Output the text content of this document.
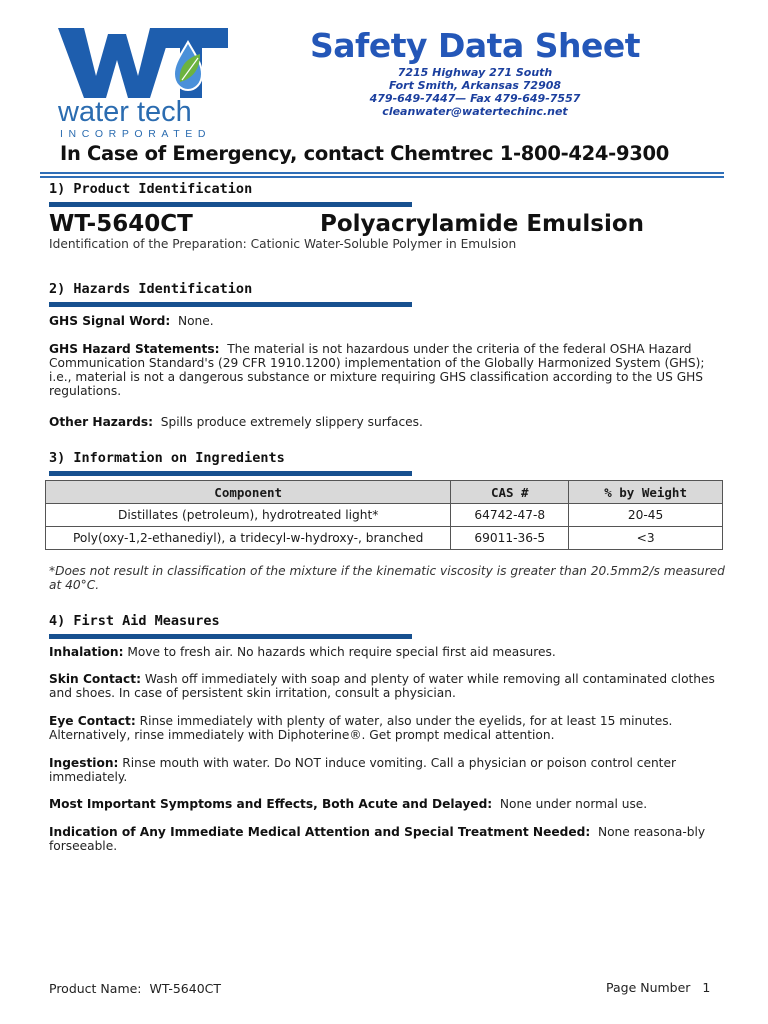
water tech
INCORPORATED
Safety Data Sheet
7215 Highway 271 South
Fort Smith, Arkansas 72908
479-649-7447— Fax 479-649-7557
cleanwater@watertechinc.net
In Case of Emergency, contact Chemtrec 1-800-424-9300
1) Product Identification
WT-5640CT	Polyacrylamide Emulsion
Identification of the Preparation: Cationic Water-Soluble Polymer in Emulsion
2) Hazards Identification
GHS Signal Word: None.
GHS Hazard Statements: The material is not hazardous under the criteria of the federal OSHA Hazard Communication Standard's (29 CFR 1910.1200) implementation of the Globally Harmonized System (GHS); i.e., material is not a dangerous substance or mixture requiring GHS classification according to the US GHS regulations.
Other Hazards: Spills produce extremely slippery surfaces.
3) Information on Ingredients
Component	CAS #	% by Weight
Distillates (petroleum), hydrotreated light*	64742-47-8	20-45
Poly(oxy-1,2-ethanediyl), a tridecyl-w-hydroxy-, branched	69011-36-5	<3
*Does not result in classification of the mixture if the kinematic viscosity is greater than 20.5mm2/s measured at 40°C.
4) First Aid Measures
Inhalation: Move to fresh air. No hazards which require special first aid measures.
Skin Contact: Wash off immediately with soap and plenty of water while removing all contaminated clothes and shoes. In case of persistent skin irritation, consult a physician.
Eye Contact: Rinse immediately with plenty of water, also under the eyelids, for at least 15 minutes. Alternatively, rinse immediately with Diphoterine®. Get prompt medical attention.
Ingestion: Rinse mouth with water. Do NOT induce vomiting. Call a physician or poison control center immediately.
Most Important Symptoms and Effects, Both Acute and Delayed: None under normal use.
Indication of Any Immediate Medical Attention and Special Treatment Needed: None reasona-bly forseeable.
Product Name: WT-5640CT	Page Number 1
